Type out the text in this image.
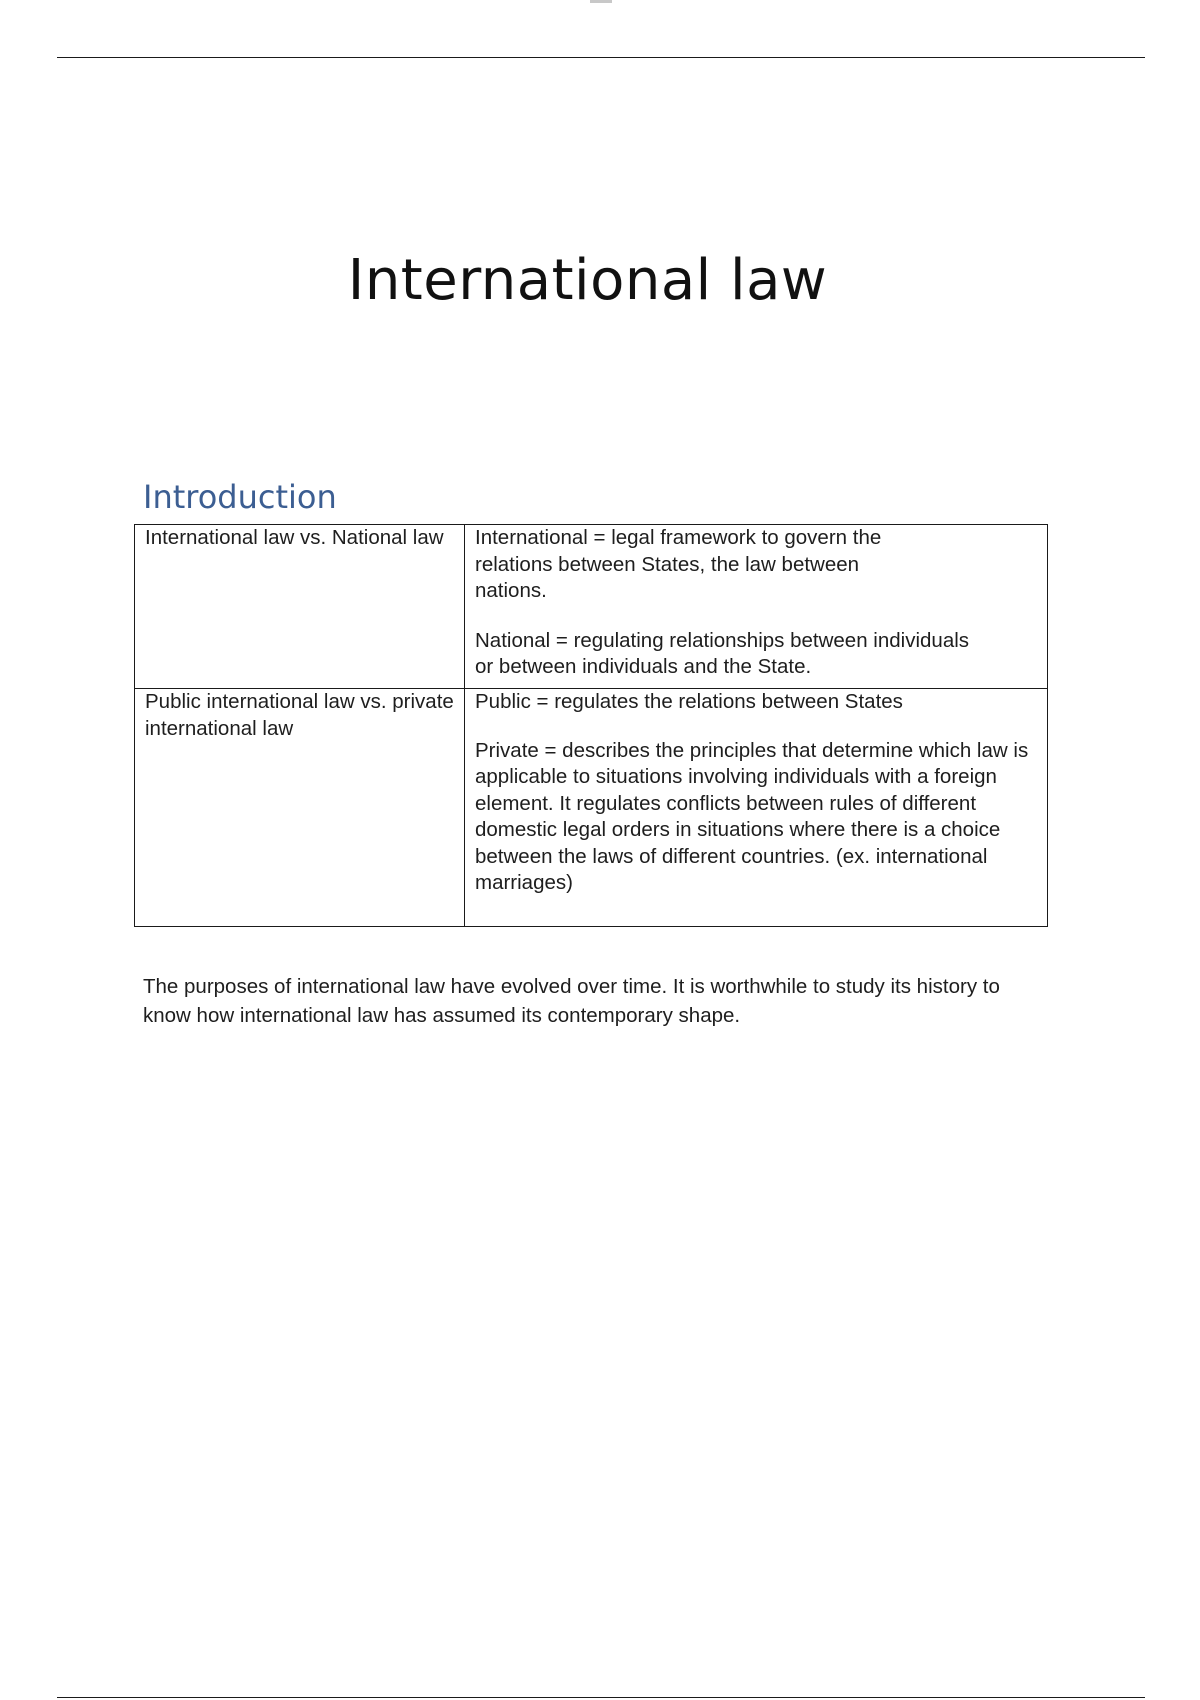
International law
Introduction
International law vs. National law	International = legal framework to govern the relations between States, the law between nations.

National = regulating relationships between individuals or between individuals and the State.

Public international law vs. private international law	Public = regulates the relations between States

Private = describes the principles that determine which law is applicable to situations involving individuals with a foreign element. It regulates conflicts between rules of different domestic legal orders in situations where there is a choice between the laws of different countries. (ex. international marriages)

The purposes of international law have evolved over time. It is worthwhile to study its history to know how international law has assumed its contemporary shape.
